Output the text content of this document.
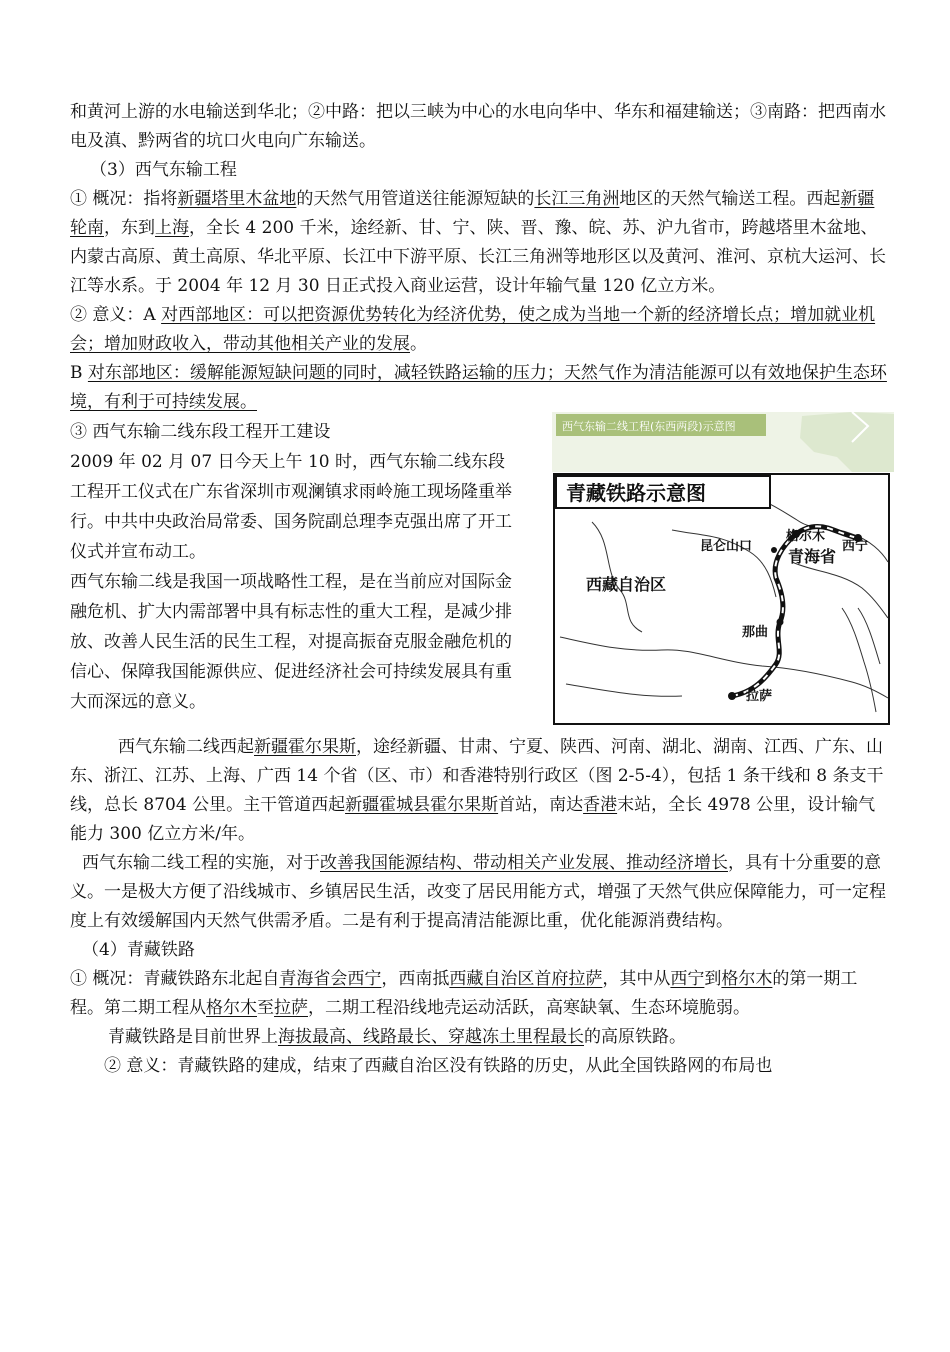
和黄河上游的水电输送到华北；②中路：把以三峡为中心的水电向华中、华东和福建输送；③南路：把西南水电及滇、黔两省的坑口火电向广东输送。

（3）西气东输工程

① 概况：指将新疆塔里木盆地的天然气用管道送往能源短缺的长江三角洲地区的天然气输送工程。西起新疆轮南，东到上海，全长 4 200 千米，途经新、甘、宁、陕、晋、豫、皖、苏、沪九省市，跨越塔里木盆地、内蒙古高原、黄土高原、华北平原、长江中下游平原、长江三角洲等地形区以及黄河、淮河、京杭大运河、长江等水系。于 2004 年 12 月 30 日正式投入商业运营，设计年输气量 120 亿立方米。

② 意义：A 对西部地区：可以把资源优势转化为经济优势，使之成为当地一个新的经济增长点；增加就业机会；增加财政收入，带动其他相关产业的发展。

B 对东部地区：缓解能源短缺问题的同时，减轻铁路运输的压力；天然气作为清洁能源可以有效地保护生态环境，有利于可持续发展。

③ 西气东输二线东段工程开工建设

2009 年 02 月 07 日今天上午 10 时，西气东输二线东段工程开工仪式在广东省深圳市观澜镇求雨岭施工现场隆重举行。中共中央政治局常委、国务院副总理李克强出席了开工仪式并宣布动工。

西气东输二线是我国一项战略性工程，是在当前应对国际金融危机、扩大内需部署中具有标志性的重大工程，是减少排放、改善人民生活的民生工程，对提高振奋克服金融危机的信心、保障我国能源供应、促进经济社会可持续发展具有重大而深远的意义。

西气东输二线工程(东西两段)示意图
青藏铁路示意图
西藏自治区
青海省
昆仑山口
格尔木
西宁
那曲
拉萨

西气东输二线西起新疆霍尔果斯，途经新疆、甘肃、宁夏、陕西、河南、湖北、湖南、江西、广东、山东、浙江、江苏、上海、广西 14 个省（区、市）和香港特别行政区（图 2-5-4），包括 1 条干线和 8 条支干线，总长 8704 公里。主干管道西起新疆霍城县霍尔果斯首站，南达香港末站，全长 4978 公里，设计输气能力 300 亿立方米/年。

西气东输二线工程的实施，对于改善我国能源结构、带动相关产业发展、推动经济增长，具有十分重要的意义。一是极大方便了沿线城市、乡镇居民生活，改变了居民用能方式，增强了天然气供应保障能力，可一定程度上有效缓解国内天然气供需矛盾。二是有利于提高清洁能源比重，优化能源消费结构。

（4）青藏铁路

① 概况：青藏铁路东北起自青海省会西宁，西南抵西藏自治区首府拉萨，其中从西宁到格尔木的第一期工程。第二期工程从格尔木至拉萨，二期工程沿线地壳运动活跃，高寒缺氧、生态环境脆弱。

青藏铁路是目前世界上海拔最高、线路最长、穿越冻土里程最长的高原铁路。

② 意义：青藏铁路的建成，结束了西藏自治区没有铁路的历史，从此全国铁路网的布局也
